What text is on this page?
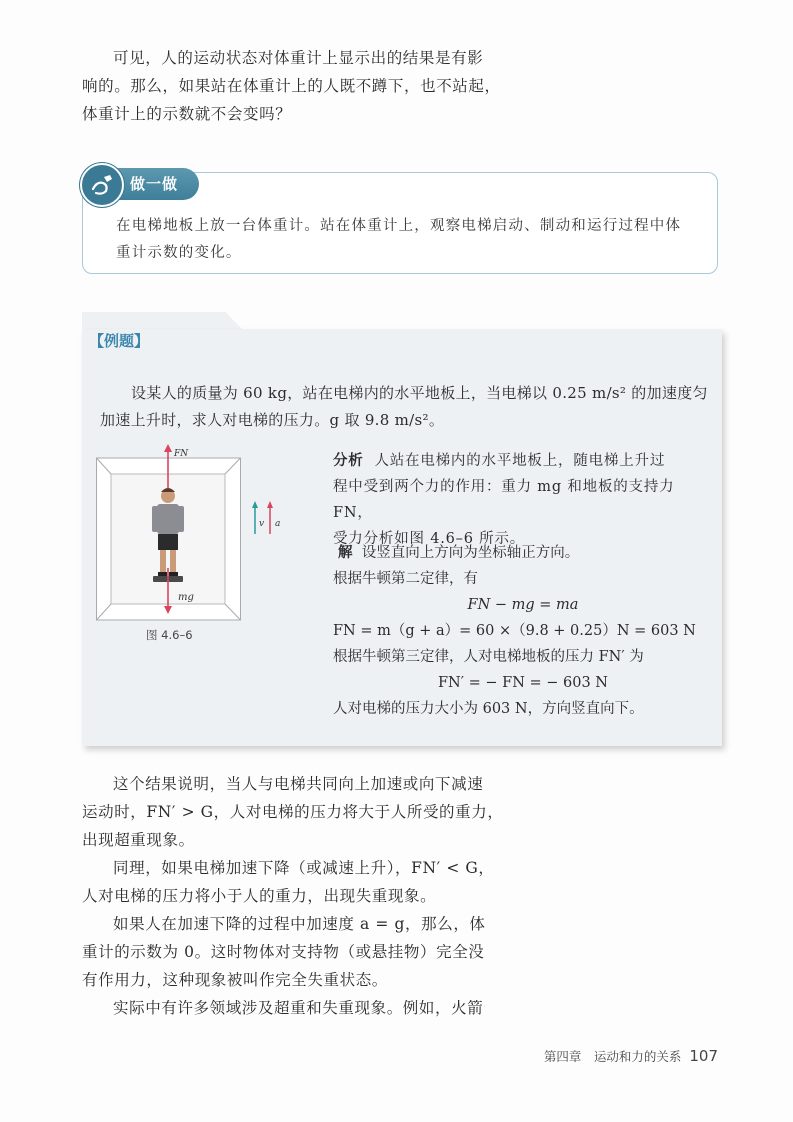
可见，人的运动状态对体重计上显示出的结果是有影

响的。那么，如果站在体重计上的人既不蹲下，也不站起，

体重计上的示数就不会变吗？

做一做
在电梯地板上放一台体重计。站在体重计上，观察电梯启动、制动和运行过程中体
重计示数的变化。
【例题】

设某人的质量为 60 kg，站在电梯内的水平地板上，当电梯以 0.25 m/s² 的加速度匀

加速上升时，求人对电梯的压力。g 取 9.8 m/s²。

FN
mg
图 4.6–6
v a

分析 人站在电梯内的水平地板上，随电梯上升过

程中受到两个力的作用：重力 mg 和地板的支持力 FN，

受力分析如图 4.6–6 所示。

解 设竖直向上方向为坐标轴正方向。

根据牛顿第二定律，有

FN − mg = ma

FN = m（g + a）= 60 ×（9.8 + 0.25）N = 603 N

根据牛顿第三定律，人对电梯地板的压力 FN′ 为

FN′ = − FN = − 603 N

人对电梯的压力大小为 603 N，方向竖直向下。

这个结果说明，当人与电梯共同向上加速或向下减速

运动时，FN′ > G，人对电梯的压力将大于人所受的重力，

出现超重现象。

同理，如果电梯加速下降（或减速上升），FN′ < G，

人对电梯的压力将小于人的重力，出现失重现象。

如果人在加速下降的过程中加速度 a = g，那么，体

重计的示数为 0。这时物体对支持物（或悬挂物）完全没

有作用力，这种现象被叫作完全失重状态。

实际中有许多领域涉及超重和失重现象。例如，火箭

第四章　运动和力的关系 107
